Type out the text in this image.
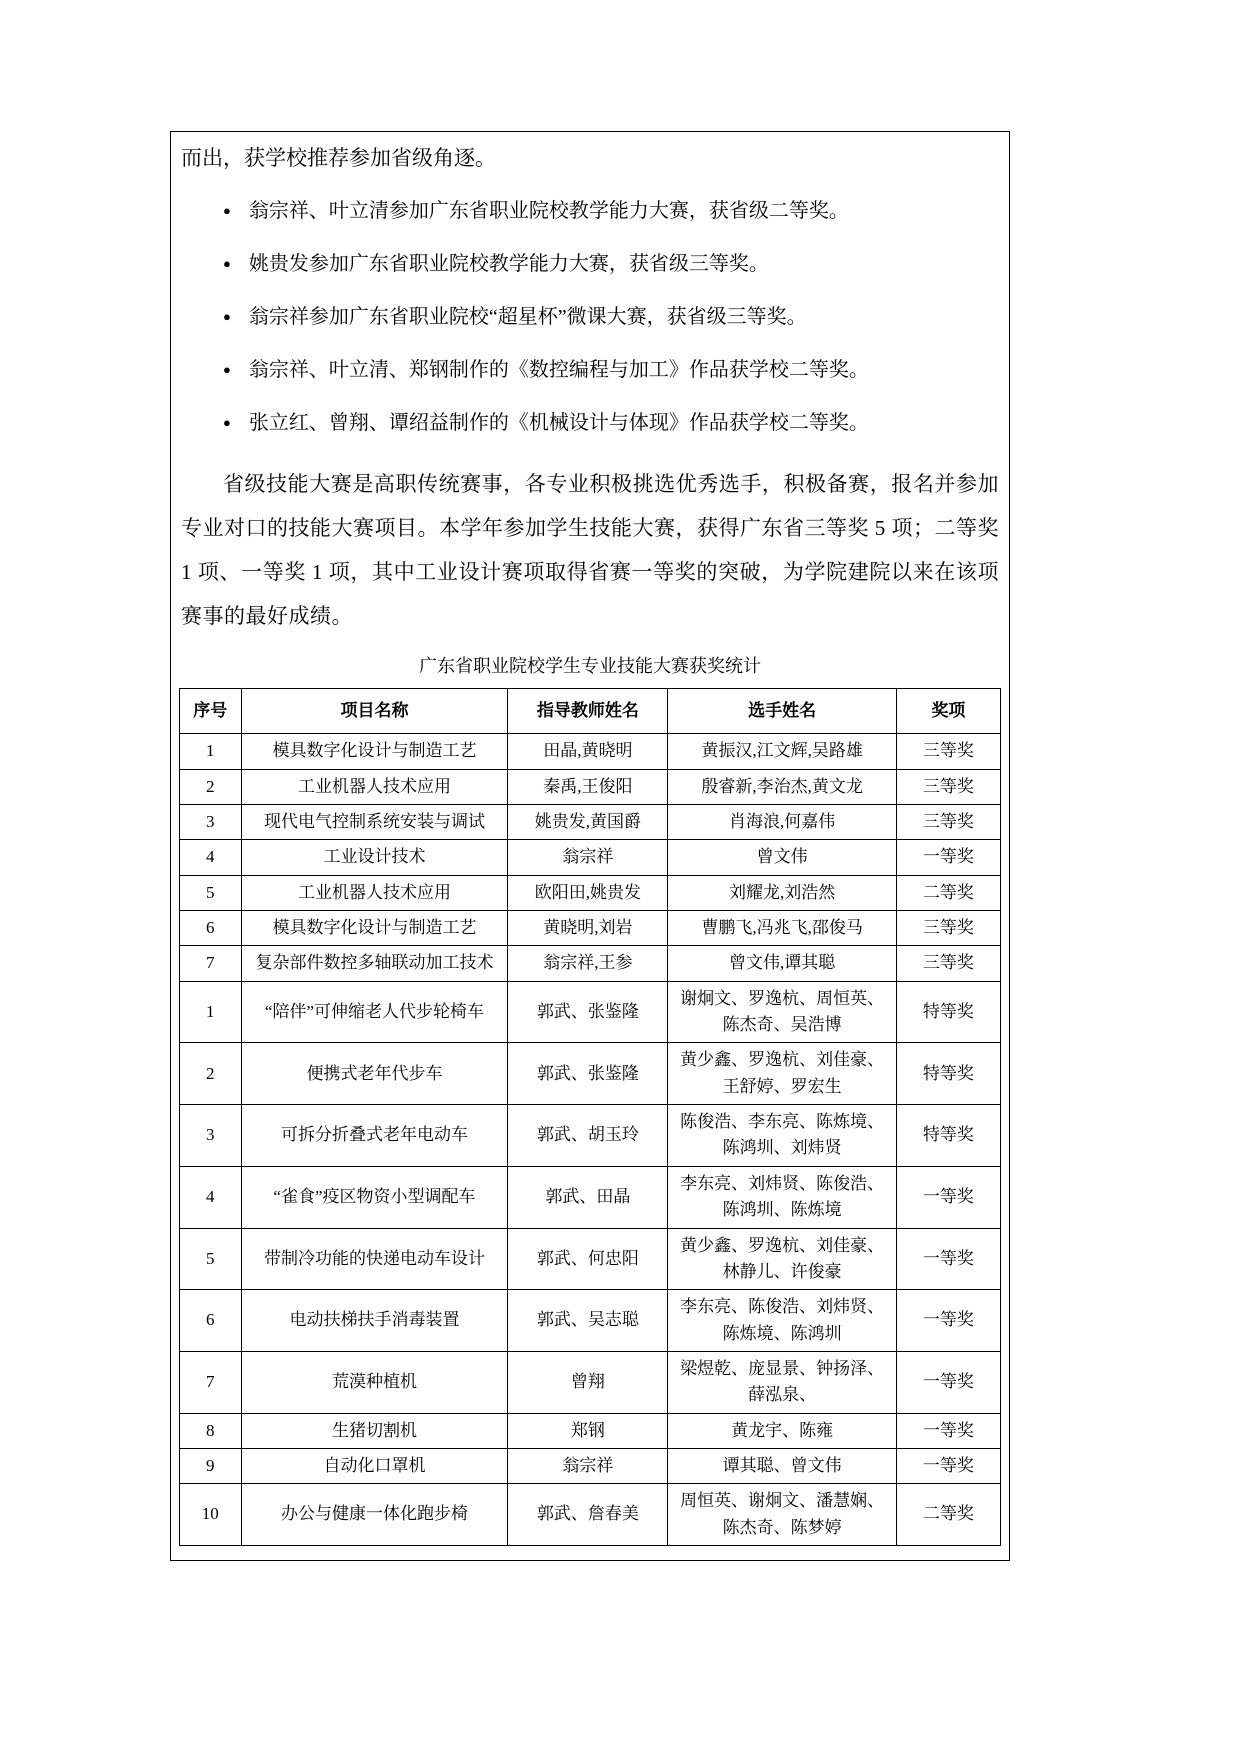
而出，获学校推荐参加省级角逐。

● 翁宗祥、叶立清参加广东省职业院校教学能力大赛，获省级二等奖。
● 姚贵发参加广东省职业院校教学能力大赛，获省级三等奖。
● 翁宗祥参加广东省职业院校“超星杯”微课大赛，获省级三等奖。
● 翁宗祥、叶立清、郑钢制作的《数控编程与加工》作品获学校二等奖。
● 张立红、曾翔、谭绍益制作的《机械设计与体现》作品获学校二等奖。

省级技能大赛是高职传统赛事，各专业积极挑选优秀选手，积极备赛，报名并参加专业对口的技能大赛项目。本学年参加学生技能大赛，获得广东省三等奖 5 项；二等奖 1 项、一等奖 1 项，其中工业设计赛项取得省赛一等奖的突破，为学院建院以来在该项赛事的最好成绩。

广东省职业院校学生专业技能大赛获奖统计
序号	项目名称	指导教师姓名	选手姓名	奖项
1	模具数字化设计与制造工艺	田晶,黄晓明	黄振汉,江文辉,吴路雄	三等奖
2	工业机器人技术应用	秦禹,王俊阳	殷睿新,李治杰,黄文龙	三等奖
3	现代电气控制系统安装与调试	姚贵发,黄国爵	肖海浪,何嘉伟	三等奖
4	工业设计技术	翁宗祥	曾文伟	一等奖
5	工业机器人技术应用	欧阳田,姚贵发	刘耀龙,刘浩然	二等奖
6	模具数字化设计与制造工艺	黄晓明,刘岩	曹鹏飞,冯兆飞,邵俊马	三等奖
7	复杂部件数控多轴联动加工技术	翁宗祥,王参	曾文伟,谭其聪	三等奖
1	“陪伴”可伸缩老人代步轮椅车	郭武、张鉴隆	谢炯文、罗逸杭、周恒英、陈杰奇、吴浩博	特等奖
2	便携式老年代步车	郭武、张鉴隆	黄少鑫、罗逸杭、刘佳豪、王舒婷、罗宏生	特等奖
3	可拆分折叠式老年电动车	郭武、胡玉玲	陈俊浩、李东亮、陈炼境、陈鸿圳、刘炜贤	特等奖
4	“雀食”疫区物资小型调配车	郭武、田晶	李东亮、刘炜贤、陈俊浩、陈鸿圳、陈炼境	一等奖
5	带制冷功能的快递电动车设计	郭武、何忠阳	黄少鑫、罗逸杭、刘佳豪、林静儿、许俊豪	一等奖
6	电动扶梯扶手消毒装置	郭武、吴志聪	李东亮、陈俊浩、刘炜贤、陈炼境、陈鸿圳	一等奖
7	荒漠种植机	曾翔	梁煜乾、庞显景、钟扬泽、薛泓泉、	一等奖
8	生猪切割机	郑钢	黄龙宇、陈雍	一等奖
9	自动化口罩机	翁宗祥	谭其聪、曾文伟	一等奖
10	办公与健康一体化跑步椅	郭武、詹春美	周恒英、谢炯文、潘慧娴、陈杰奇、陈梦婷	二等奖
